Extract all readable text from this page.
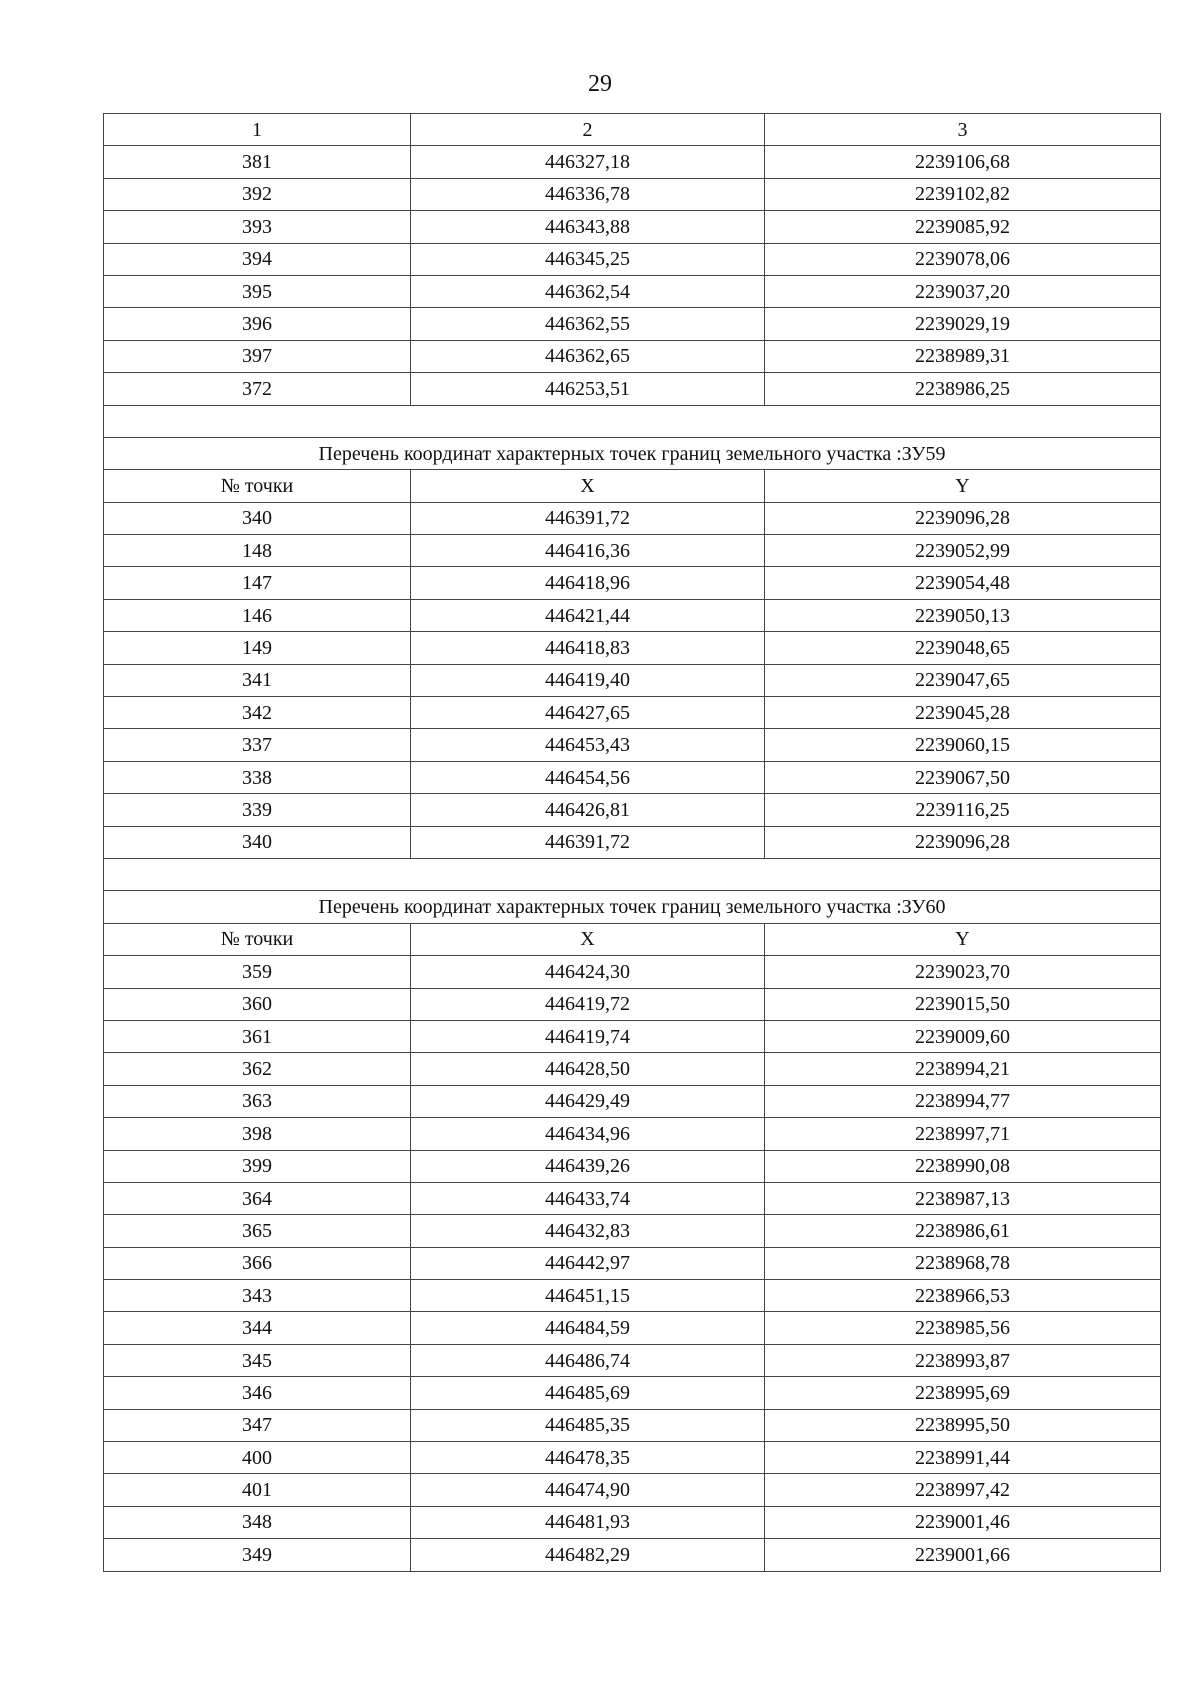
29
1	2	3
381	446327,18	2239106,68
392	446336,78	2239102,82
393	446343,88	2239085,92
394	446345,25	2239078,06
395	446362,54	2239037,20
396	446362,55	2239029,19
397	446362,65	2238989,31
372	446253,51	2238986,25

Перечень координат характерных точек границ земельного участка :ЗУ59		
№ точки	X	Y
340	446391,72	2239096,28
148	446416,36	2239052,99
147	446418,96	2239054,48
146	446421,44	2239050,13
149	446418,83	2239048,65
341	446419,40	2239047,65
342	446427,65	2239045,28
337	446453,43	2239060,15
338	446454,56	2239067,50
339	446426,81	2239116,25
340	446391,72	2239096,28

Перечень координат характерных точек границ земельного участка :ЗУ60		
№ точки	X	Y
359	446424,30	2239023,70
360	446419,72	2239015,50
361	446419,74	2239009,60
362	446428,50	2238994,21
363	446429,49	2238994,77
398	446434,96	2238997,71
399	446439,26	2238990,08
364	446433,74	2238987,13
365	446432,83	2238986,61
366	446442,97	2238968,78
343	446451,15	2238966,53
344	446484,59	2238985,56
345	446486,74	2238993,87
346	446485,69	2238995,69
347	446485,35	2238995,50
400	446478,35	2238991,44
401	446474,90	2238997,42
348	446481,93	2239001,46
349	446482,29	2239001,66
